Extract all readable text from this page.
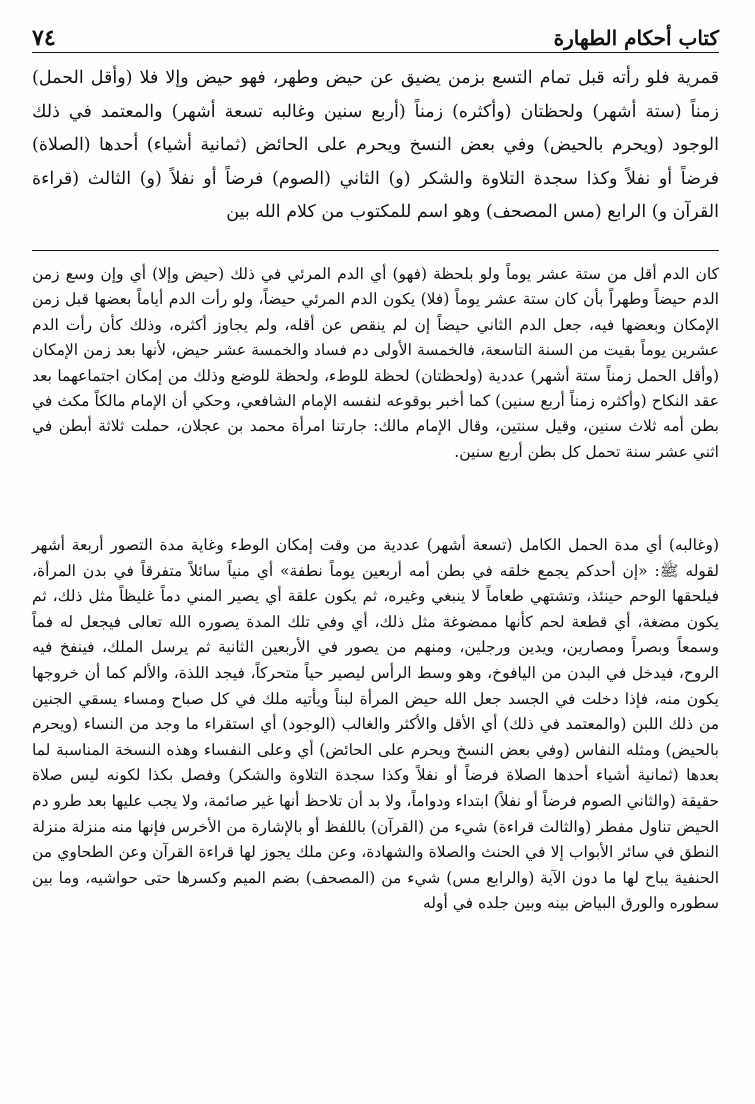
كتاب أحكام الطهارة
٧٤

قمرية فلو رأته قبل تمام التسع بزمن يضيق عن حيض وطهر، فهو حيض وإلا فلا (وأقل الحمل) زمناً (ستة أشهر) ولحظتان (وأكثره) زمناً (أربع سنين وغالبه تسعة أشهر) والمعتمد في ذلك الوجود (ويحرم بالحيض) وفي بعض النسخ ويحرم على الحائض (ثمانية أشياء) أحدها (الصلاة) فرضاً أو نفلاً وكذا سجدة التلاوة والشكر (و) الثاني (الصوم) فرضاً أو نفلاً (و) الثالث (قراءة القرآن و) الرابع (مس المصحف) وهو اسم للمكتوب من كلام الله بين

كان الدم أقل من ستة عشر يوماً ولو بلحظة (فهو) أي الدم المرئي في ذلك (حيض وإلا) أي وإن وسع زمن الدم حيضاً وطهراً بأن كان ستة عشر يوماً (فلا) يكون الدم المرئي حيضاً، ولو رأت الدم أياماً بعضها قبل زمن الإمكان وبعضها فيه، جعل الدم الثاني حيضاً إن لم ينقص عن أقله، ولم يجاوز أكثره، وذلك كأن رأت الدم عشرين يوماً بقيت من السنة التاسعة، فالخمسة الأولى دم فساد والخمسة عشر حيض، لأنها بعد زمن الإمكان (وأقل الحمل زمناً ستة أشهر) عددية (ولحظتان) لحظة للوطء، ولحظة للوضع وذلك من إمكان اجتماعهما بعد عقد النكاح (وأكثره زمناً أربع سنين) كما أخبر بوقوعه لنفسه الإمام الشافعي، وحكي أن الإمام مالكاً مكث في بطن أمه ثلاث سنين، وقيل سنتين، وقال الإمام مالك: جارتنا امرأة محمد بن عجلان، حملت ثلاثة أبطن في اثني عشر سنة تحمل كل بطن أربع سنين.

(وغالبه) أي مدة الحمل الكامل (تسعة أشهر) عددية من وقت إمكان الوطء وغاية مدة التصور أربعة أشهر لقوله ﷺ: «إن أحدكم يجمع خلقه في بطن أمه أربعين يوماً نطفة» أي منياً سائلاً متفرقاً في بدن المرأة، فيلحقها الوحم حينئذ، وتشتهي طعاماً لا ينبغي وغيره، ثم يكون علقة أي يصير المني دماً غليظاً مثل ذلك، ثم يكون مضغة، أي قطعة لحم كأنها ممضوغة مثل ذلك، أي وفي تلك المدة يصوره الله تعالى فيجعل له فماً وسمعاً وبصراً ومصارين، ويدين ورجلين، ومنهم من يصور في الأربعين الثانية ثم يرسل الملك، فينفخ فيه الروح، فيدخل في البدن من اليافوخ، وهو وسط الرأس ليصير حياً متحركاً، فيجد اللذة، والألم كما أن خروجها يكون منه، فإذا دخلت في الجسد جعل الله حيض المرأة لبناً ويأتيه ملك في كل صباح ومساء يسقي الجنين من ذلك اللبن (والمعتمد في ذلك) أي الأقل والأكثر والغالب (الوجود) أي استقراء ما وجد من النساء (ويحرم بالحيض) ومثله النفاس (وفي بعض النسخ ويحرم على الحائض) أي وعلى النفساء وهذه النسخة المناسبة لما بعدها (ثمانية أشياء أحدها الصلاة فرضاً أو نفلاً وكذا سجدة التلاوة والشكر) وفصل بكذا لكونه ليس صلاة حقيقة (والثاني الصوم فرضاً أو نفلاً) ابتداء ودواماً، ولا بد أن تلاحظ أنها غير صائمة، ولا يجب عليها بعد طرو دم الحيض تناول مفطر (والثالث قراءة) شيء من (القرآن) باللفظ أو بالإشارة من الأخرس فإنها منه منزلة منزلة النطق في سائر الأبواب إلا في الحنث والصلاة والشهادة، وعن ملك يجوز لها قراءة القرآن وعن الطحاوي من الحنفية يباح لها ما دون الآية (والرابع مس) شيء من (المصحف) بضم الميم وكسرها حتى حواشيه، وما بين سطوره والورق البياض بينه وبين جلده في أوله
